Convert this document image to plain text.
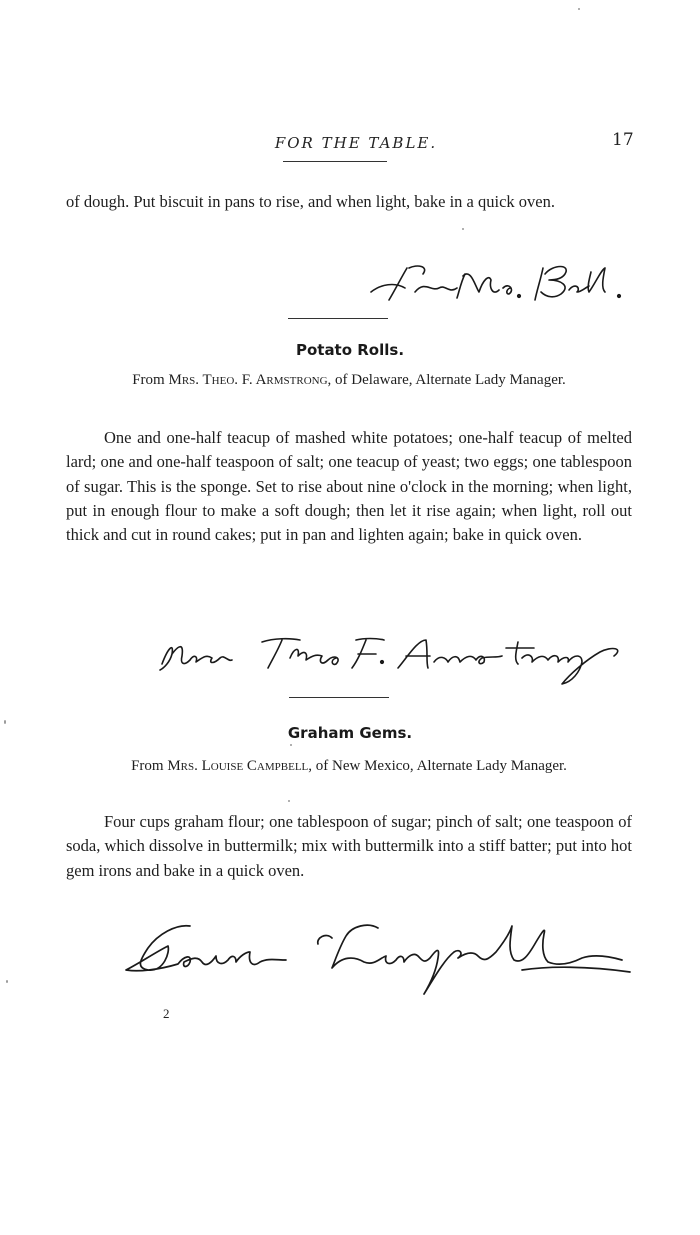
FOR THE TABLE.	17
of dough. Put biscuit in pans to rise, and when light, bake in a quick oven.
Potato Rolls.
From Mrs. Theo. F. Armstrong, of Delaware, Alternate Lady Manager.
One and one-half teacup of mashed white potatoes; one-half teacup of melted lard; one and one-half teaspoon of salt; one teacup of yeast; two eggs; one tablespoon of sugar. This is the sponge. Set to rise about nine o'clock in the morning; when light, put in enough flour to make a soft dough; then let it rise again; when light, roll out thick and cut in round cakes; put in pan and lighten again; bake in quick oven.
Graham Gems.
From Mrs. Louise Campbell, of New Mexico, Alternate Lady Manager.
Four cups graham flour; one tablespoon of sugar; pinch of salt; one teaspoon of soda, which dissolve in buttermilk; mix with buttermilk into a stiff batter; put into hot gem irons and bake in a quick oven.
2
